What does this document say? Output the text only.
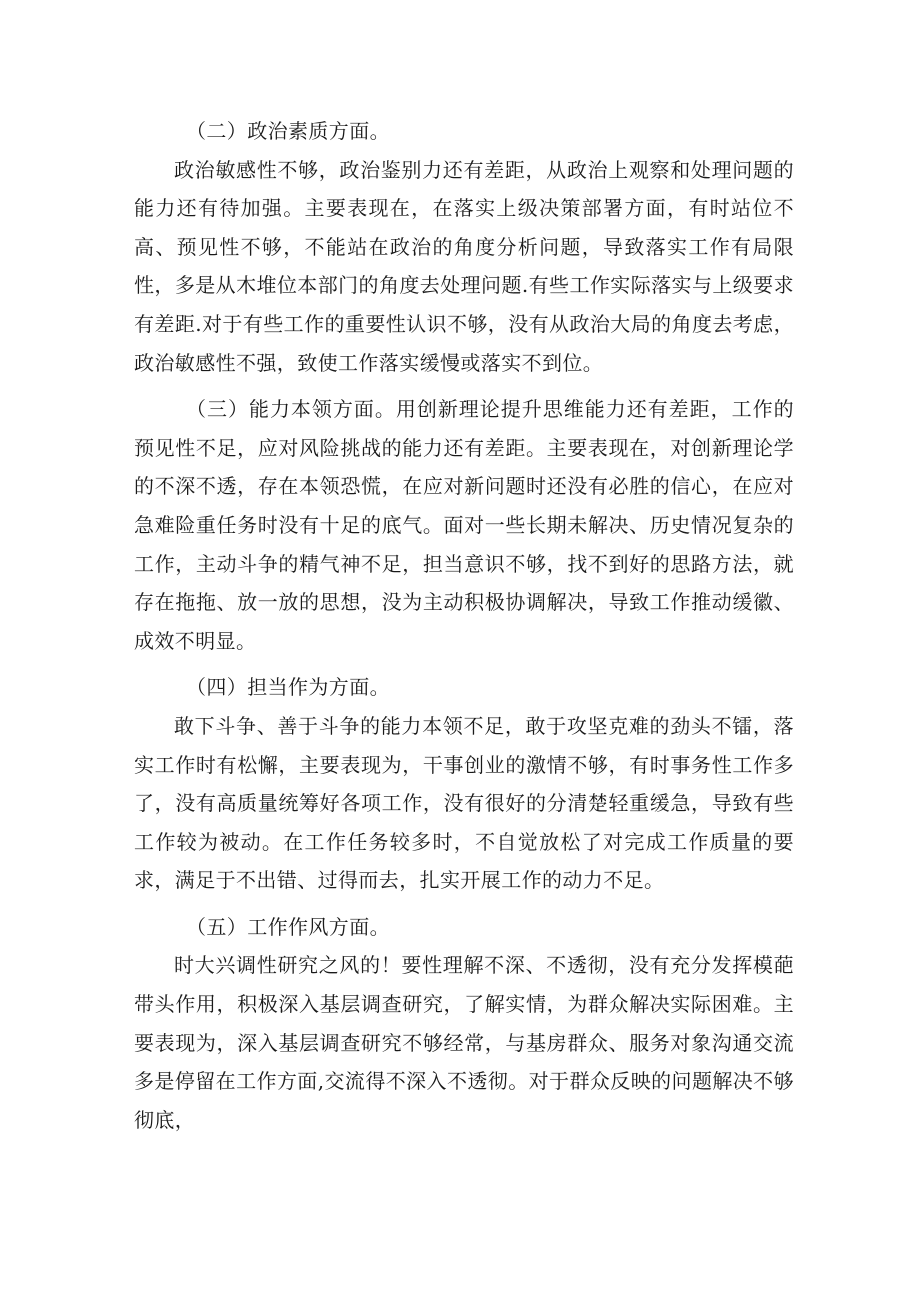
（二）政治素质方面。

政治敏感性不够，政治鉴别力还有差距，从政治上观察和处理问题的能力还有待加强。主要表现在，在落实上级决策部署方面，有时站位不高、预见性不够，不能站在政治的角度分析问题，导致落实工作有局限性，多是从木堆位本部门的角度去处理问题.有些工作实际落实与上级要求有差距.对于有些工作的重要性认识不够，没有从政治大局的角度去考虑，政治敏感性不强，致使工作落实缓慢或落实不到位。

（三）能力本领方面。用创新理论提升思维能力还有差距，工作的预见性不足，应对风险挑战的能力还有差距。主要表现在，对创新理论学的不深不透，存在本领恐慌，在应对新问题时还没有必胜的信心，在应对急难险重任务时没有十足的底气。面对一些长期未解决、历史情况复杂的工作，主动斗争的精气神不足，担当意识不够，找不到好的思路方法，就存在拖拖、放一放的思想，没为主动积极协调解决，导致工作推动缓徽、成效不明显。

（四）担当作为方面。

敢下斗争、善于斗争的能力本领不足，敢于攻坚克难的劲头不镭，落实工作时有松懈，主要表现为，干事创业的激情不够，有时事务性工作多了，没有高质量统筹好各项工作，没有很好的分清楚轻重缓急，导致有些工作较为被动。在工作任务较多时，不自觉放松了对完成工作质量的要求，满足于不出错、过得而去，扎实开展工作的动力不足。

（五）工作作风方面。

时大兴调性研究之风的！要性理解不深、不透彻，没有充分发挥模葩带头作用，积极深入基层调查研究，了解实情，为群众解决实际困难。主要表现为，深入基层调查研究不够经常，与基房群众、服务对象沟通交流多是停留在工作方面,交流得不深入不透彻。对于群众反映的问题解决不够彻底，
